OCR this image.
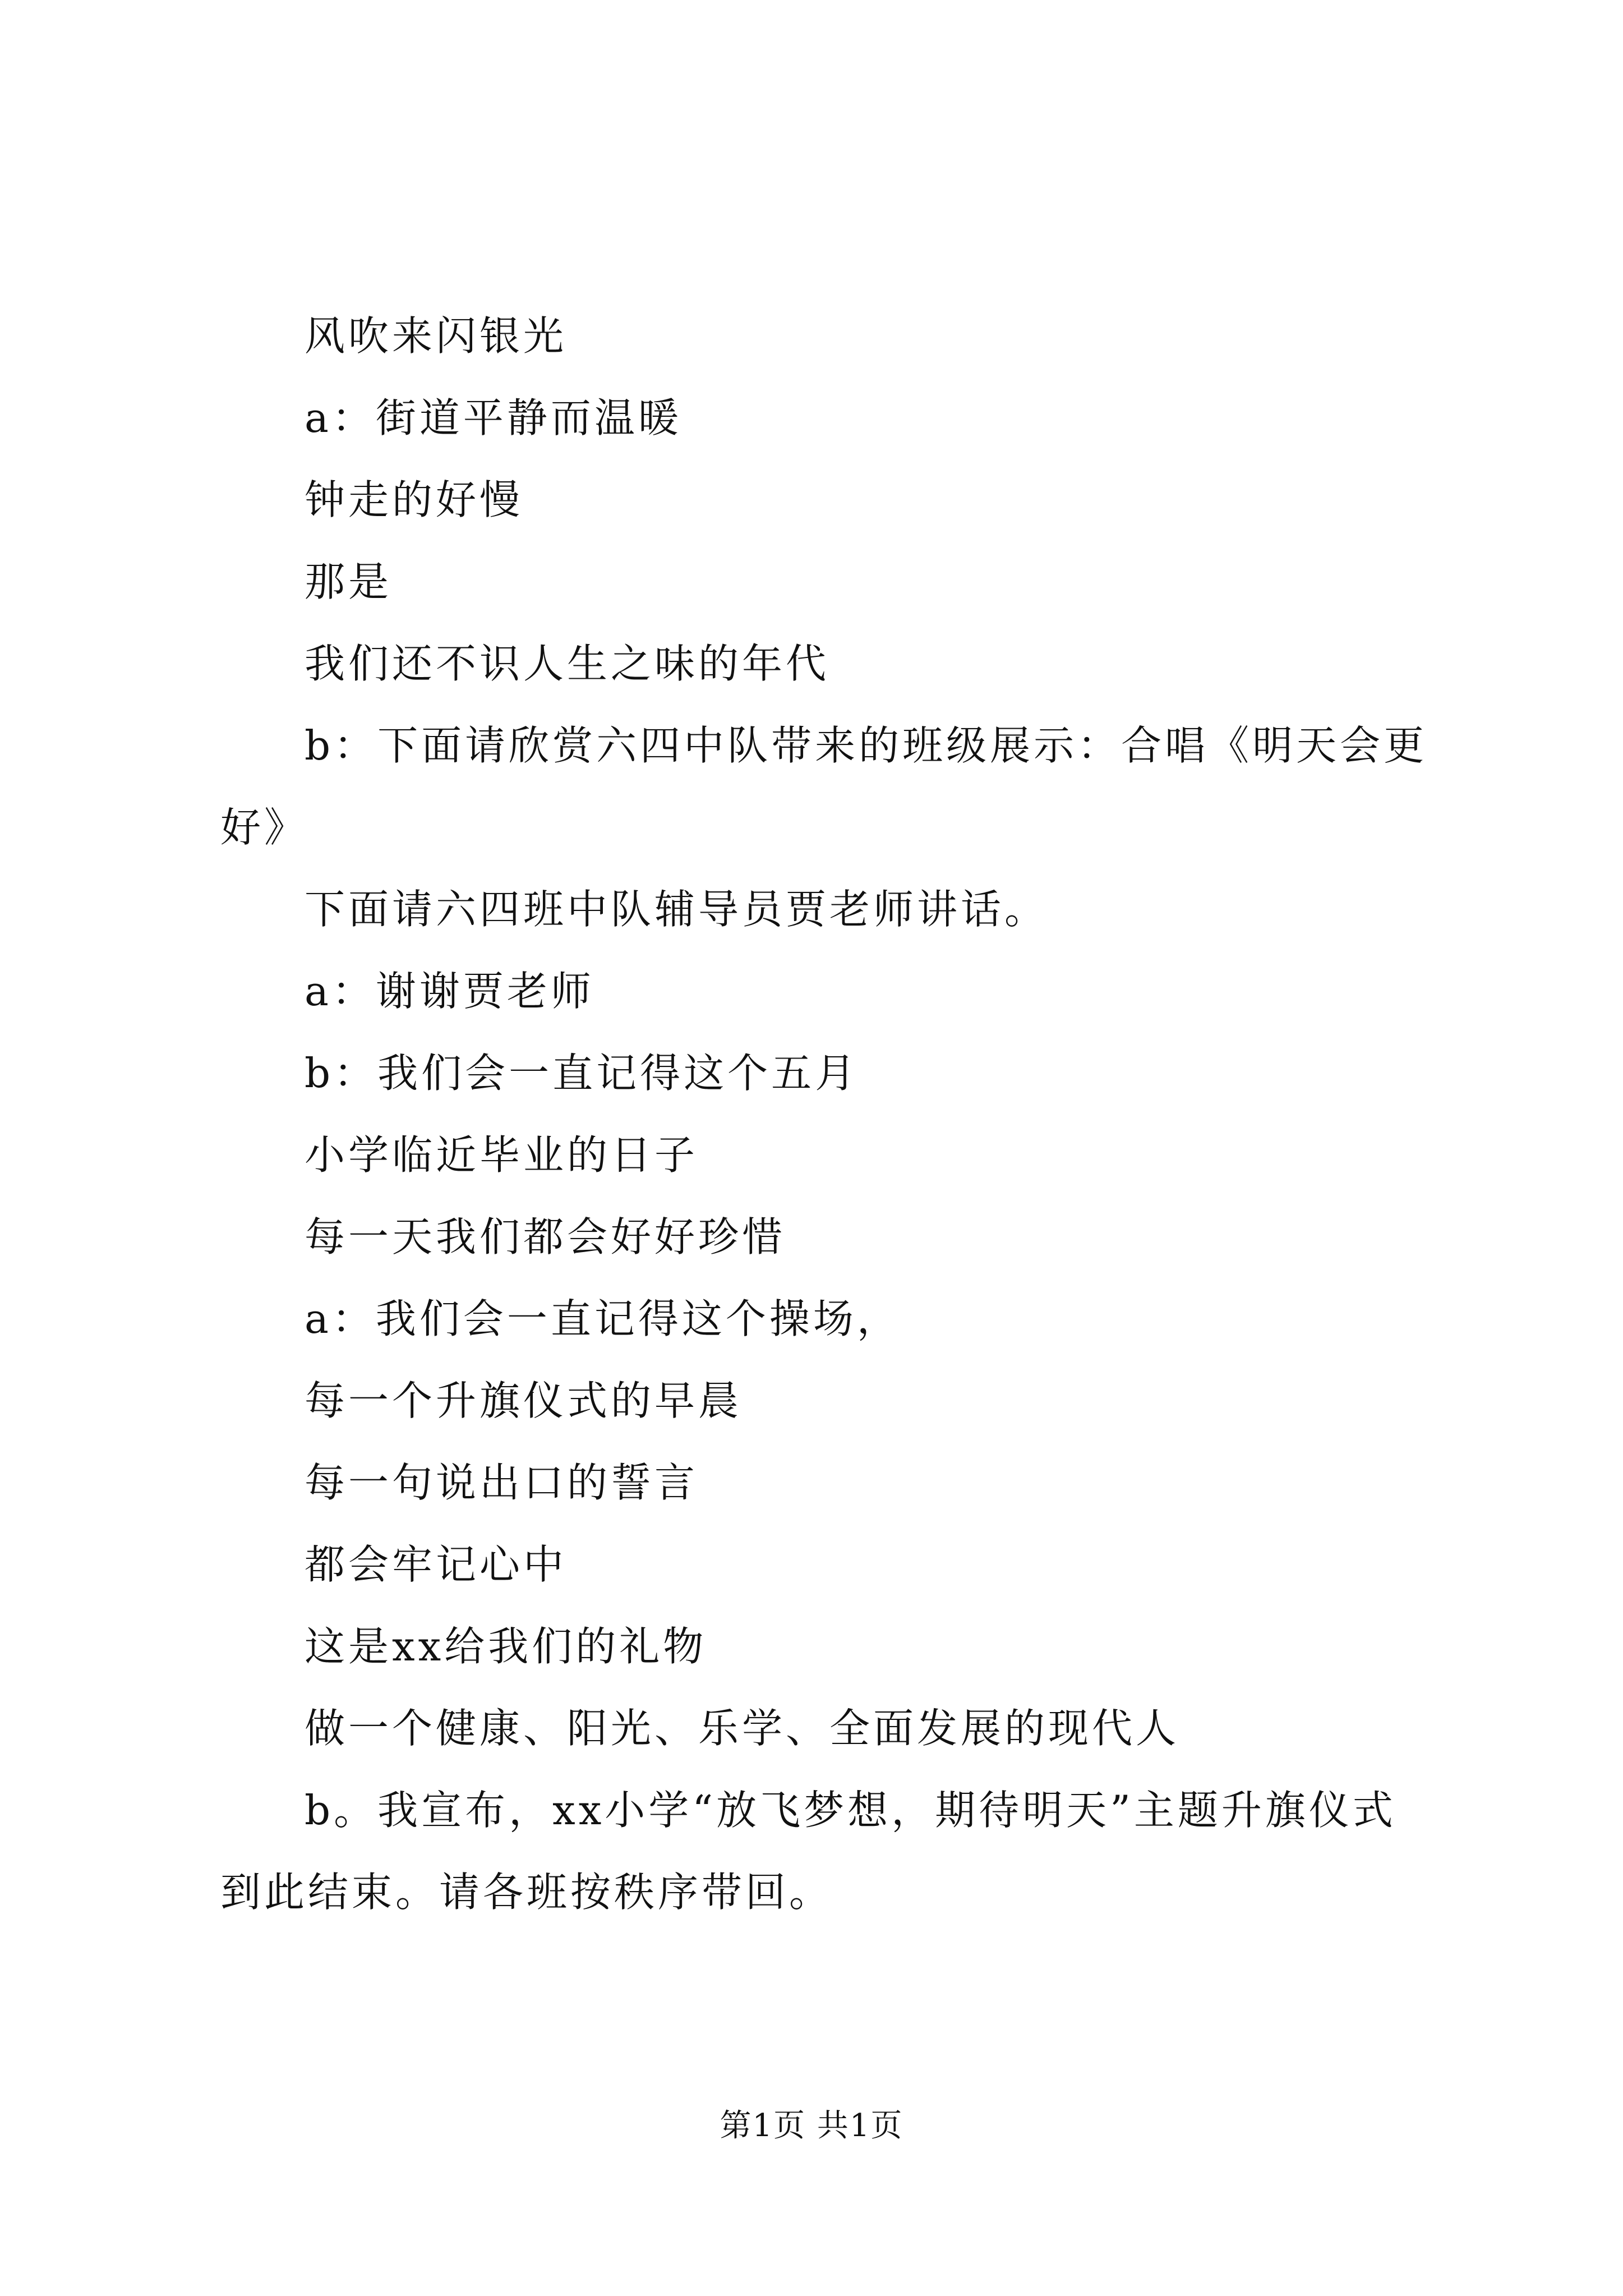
风吹来闪银光

a：街道平静而温暖

钟走的好慢

那是

我们还不识人生之味的年代

b：下面请欣赏六四中队带来的班级展示：合唱《明天会更

好》

下面请六四班中队辅导员贾老师讲话。

a：谢谢贾老师

b：我们会一直记得这个五月

小学临近毕业的日子

每一天我们都会好好珍惜

a：我们会一直记得这个操场，

每一个升旗仪式的早晨

每一句说出口的誓言

都会牢记心中

这是xx给我们的礼物

做一个健康、阳光、乐学、全面发展的现代人

b。我宣布，xx小学“放飞梦想，期待明天”主题升旗仪式

到此结束。请各班按秩序带回。

第1页 共1页
